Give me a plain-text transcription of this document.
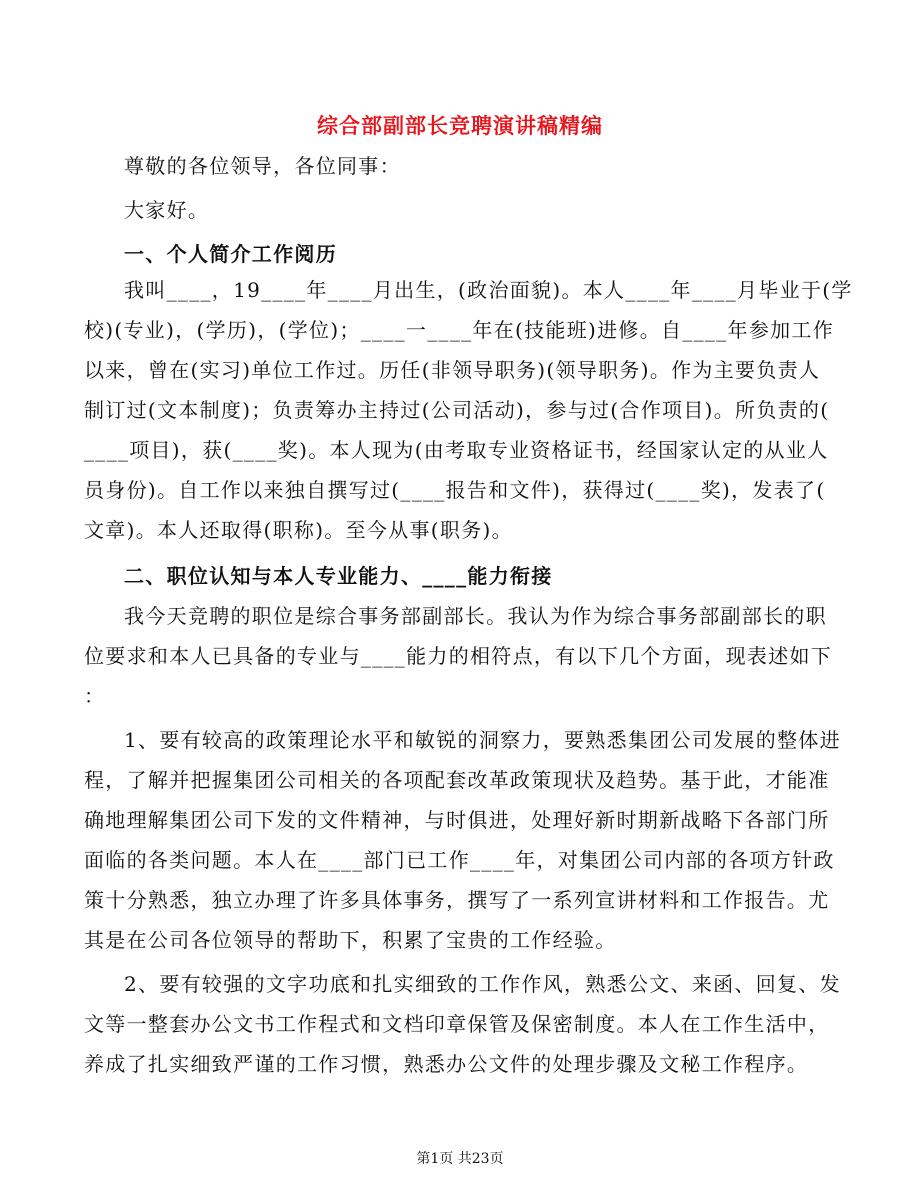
综合部副部长竞聘演讲稿精编
尊敬的各位领导，各位同事：
大家好。
一、个人简介工作阅历
我叫____，19____年____月出生，(政治面貌)。本人____年____月毕业于(学
校)(专业)，(学历)，(学位)；____一____年在(技能班)进修。自____年参加工作
以来，曾在(实习)单位工作过。历任(非领导职务)(领导职务)。作为主要负责人
制订过(文本制度)；负责筹办主持过(公司活动)，参与过(合作项目)。所负责的(
____项目)，获(____奖)。本人现为(由考取专业资格证书，经国家认定的从业人
员身份)。自工作以来独自撰写过(____报告和文件)，获得过(____奖)，发表了(
文章)。本人还取得(职称)。至今从事(职务)。
二、职位认知与本人专业能力、____能力衔接
我今天竞聘的职位是综合事务部副部长。我认为作为综合事务部副部长的职
位要求和本人已具备的专业与____能力的相符点，有以下几个方面，现表述如下
：
1、要有较高的政策理论水平和敏锐的洞察力，要熟悉集团公司发展的整体进
程，了解并把握集团公司相关的各项配套改革政策现状及趋势。基于此，才能准
确地理解集团公司下发的文件精神，与时俱进，处理好新时期新战略下各部门所
面临的各类问题。本人在____部门已工作____年，对集团公司内部的各项方针政
策十分熟悉，独立办理了许多具体事务，撰写了一系列宣讲材料和工作报告。尤
其是在公司各位领导的帮助下，积累了宝贵的工作经验。
2、要有较强的文字功底和扎实细致的工作作风，熟悉公文、来函、回复、发
文等一整套办公文书工作程式和文档印章保管及保密制度。本人在工作生活中，
养成了扎实细致严谨的工作习惯，熟悉办公文件的处理步骤及文秘工作程序。
第1页 共23页
